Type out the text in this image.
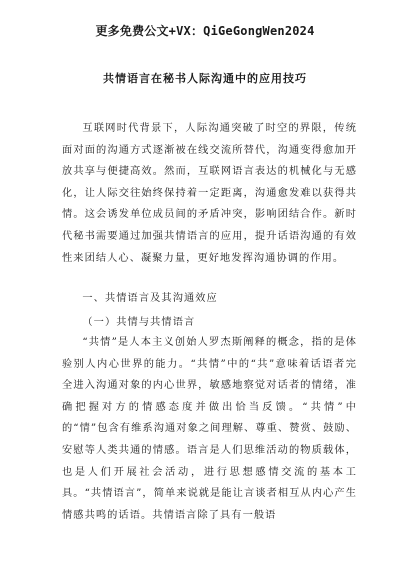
更多免费公文+VX：QiGeGongWen2024
共情语言在秘书人际沟通中的应用技巧

互联网时代背景下，人际沟通突破了时空的界限，传统面对面的沟通方式逐渐被在线交流所替代，沟通变得愈加开放共享与便捷高效。然而，互联网语言表达的机械化与无感化，让人际交往始终保持着一定距离，沟通愈发难以获得共情。这会诱发单位成员间的矛盾冲突，影响团结合作。新时代秘书需要通过加强共情语言的应用，提升话语沟通的有效性来团结人心、凝聚力量，更好地发挥沟通协调的作用。

一、共情语言及其沟通效应
（一）共情与共情语言

“共情”是人本主义创始人罗杰斯阐释的概念，指的是体验别人内心世界的能力。“共情”中的“共”意味着话语者完全进入沟通对象的内心世界，敏感地察觉对话者的情绪，准确把握对方的情感态度并做出恰当反馈。“共情”中的“情”包含有维系沟通对象之间理解、尊重、赞赏、鼓励、安慰等人类共通的情感。语言是人们思维活动的物质载体，也是人们开展社会活动，进行思想感情交流的基本工具。“共情语言”，简单来说就是能让言谈者相互从内心产生情感共鸣的话语。共情语言除了具有一般语
